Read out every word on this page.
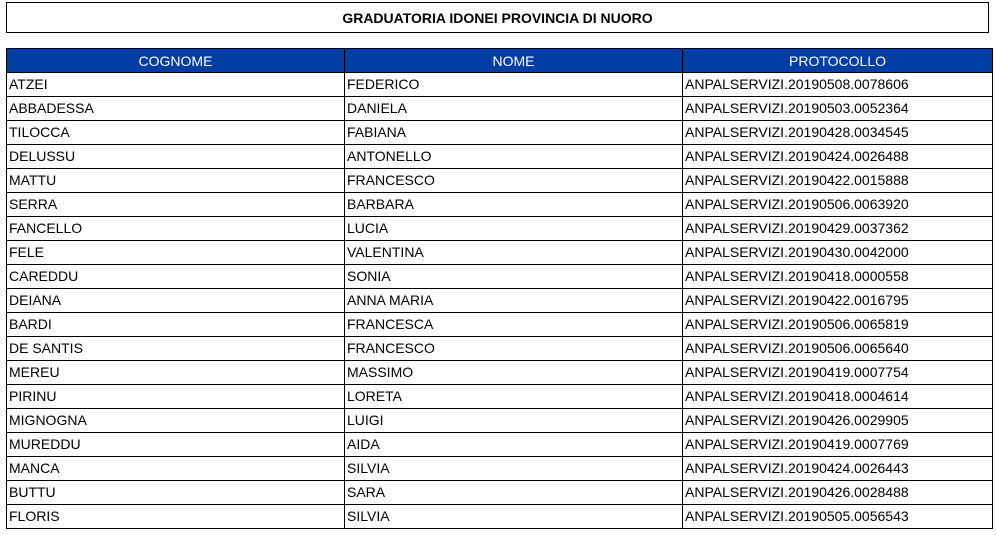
GRADUATORIA IDONEI PROVINCIA DI NUORO
COGNOME	NOME	PROTOCOLLO
ATZEI	FEDERICO	ANPALSERVIZI.20190508.0078606
ABBADESSA	DANIELA	ANPALSERVIZI.20190503.0052364
TILOCCA	FABIANA	ANPALSERVIZI.20190428.0034545
DELUSSU	ANTONELLO	ANPALSERVIZI.20190424.0026488
MATTU	FRANCESCO	ANPALSERVIZI.20190422.0015888
SERRA	BARBARA	ANPALSERVIZI.20190506.0063920
FANCELLO	LUCIA	ANPALSERVIZI.20190429.0037362
FELE	VALENTINA	ANPALSERVIZI.20190430.0042000
CAREDDU	SONIA	ANPALSERVIZI.20190418.0000558
DEIANA	ANNA MARIA	ANPALSERVIZI.20190422.0016795
BARDI	FRANCESCA	ANPALSERVIZI.20190506.0065819
DE SANTIS	FRANCESCO	ANPALSERVIZI.20190506.0065640
MEREU	MASSIMO	ANPALSERVIZI.20190419.0007754
PIRINU	LORETA	ANPALSERVIZI.20190418.0004614
MIGNOGNA	LUIGI	ANPALSERVIZI.20190426.0029905
MUREDDU	AIDA	ANPALSERVIZI.20190419.0007769
MANCA	SILVIA	ANPALSERVIZI.20190424.0026443
BUTTU	SARA	ANPALSERVIZI.20190426.0028488
FLORIS	SILVIA	ANPALSERVIZI.20190505.0056543
